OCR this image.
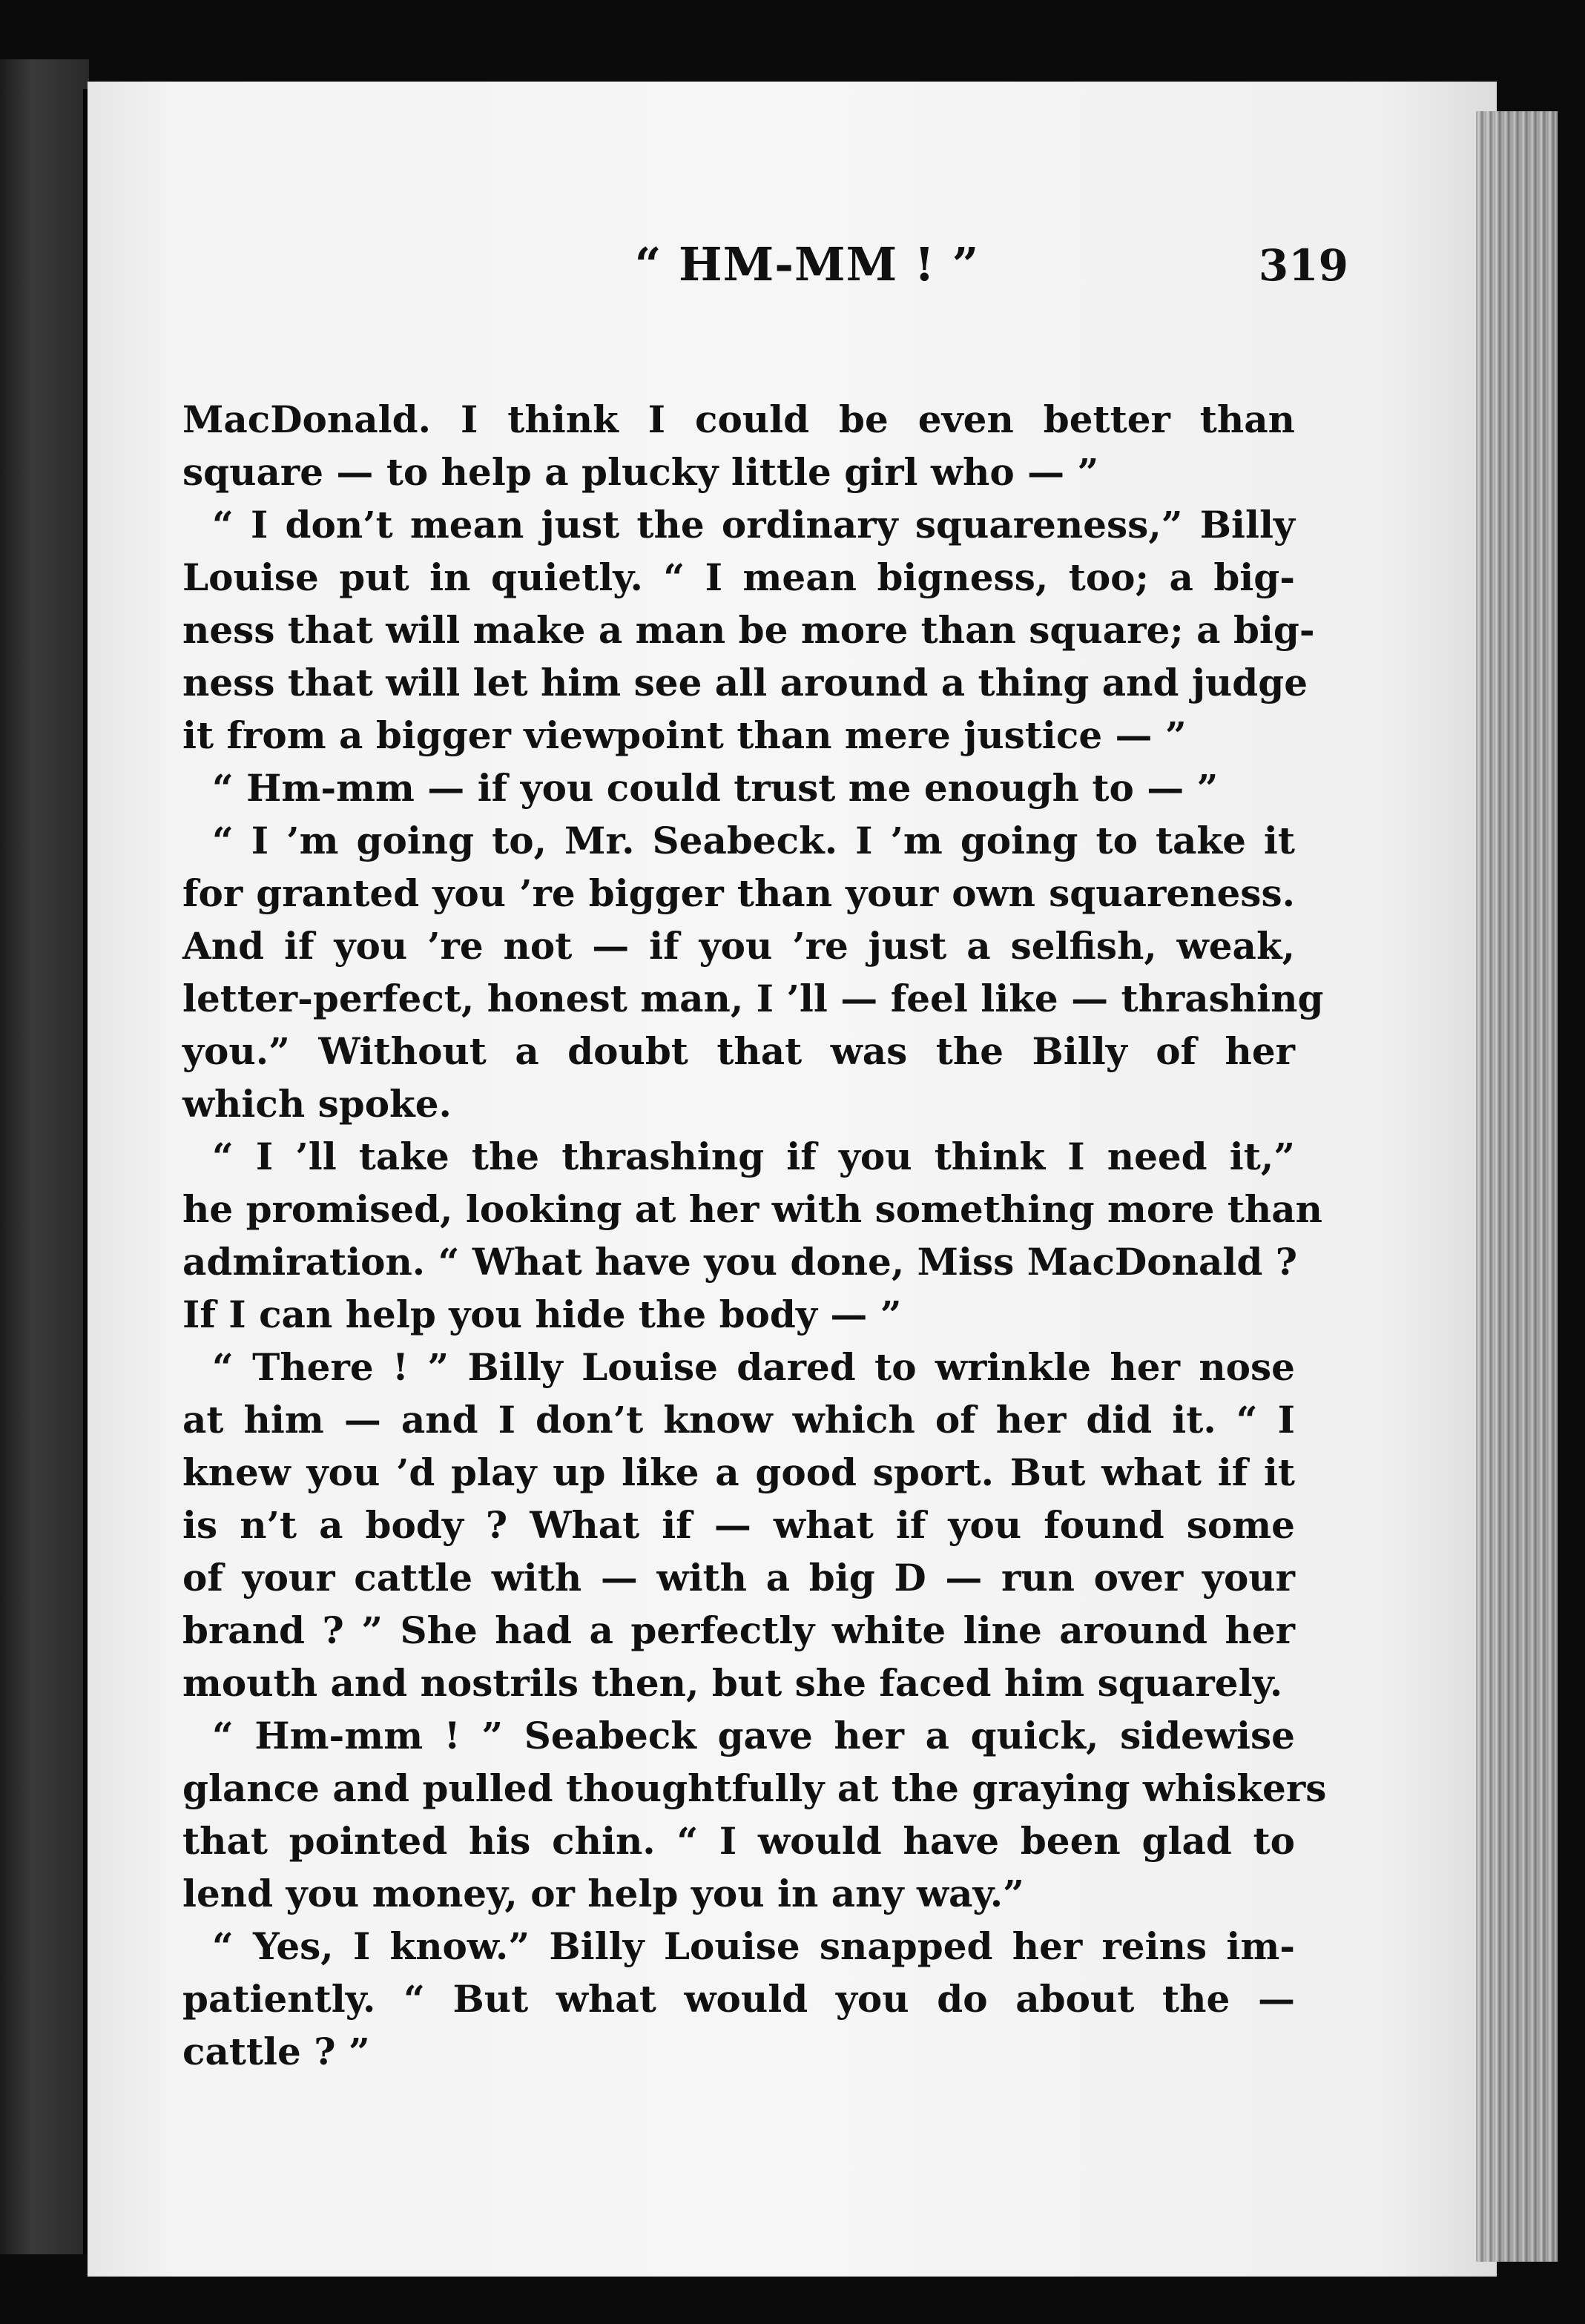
“ HM-MM ! ”	319
MacDonald. I think I could be even better than
square — to help a plucky little girl who — ”
“ I don’t mean just the ordinary squareness,” Billy
Louise put in quietly. “ I mean bigness, too; a big-
ness that will make a man be more than square; a big-
ness that will let him see all around a thing and judge
it from a bigger viewpoint than mere justice — ”
“ Hm-mm — if you could trust me enough to — ”
“ I ’m going to, Mr. Seabeck. I ’m going to take it
for granted you ’re bigger than your own squareness.
And if you ’re not — if you ’re just a selfish, weak,
letter-perfect, honest man, I ’ll — feel like — thrashing
you.” Without a doubt that was the Billy of her
which spoke.
“ I ’ll take the thrashing if you think I need it,”
he promised, looking at her with something more than
admiration. “ What have you done, Miss MacDonald ?
If I can help you hide the body — ”
“ There ! ” Billy Louise dared to wrinkle her nose
at him — and I don’t know which of her did it. “ I
knew you ’d play up like a good sport. But what if it
is n’t a body ? What if — what if you found some
of your cattle with — with a big D — run over your
brand ? ” She had a perfectly white line around her
mouth and nostrils then, but she faced him squarely.
“ Hm-mm ! ” Seabeck gave her a quick, sidewise
glance and pulled thoughtfully at the graying whiskers
that pointed his chin. “ I would have been glad to
lend you money, or help you in any way.”
“ Yes, I know.” Billy Louise snapped her reins im-
patiently. “ But what would you do about the —
cattle ? ”
